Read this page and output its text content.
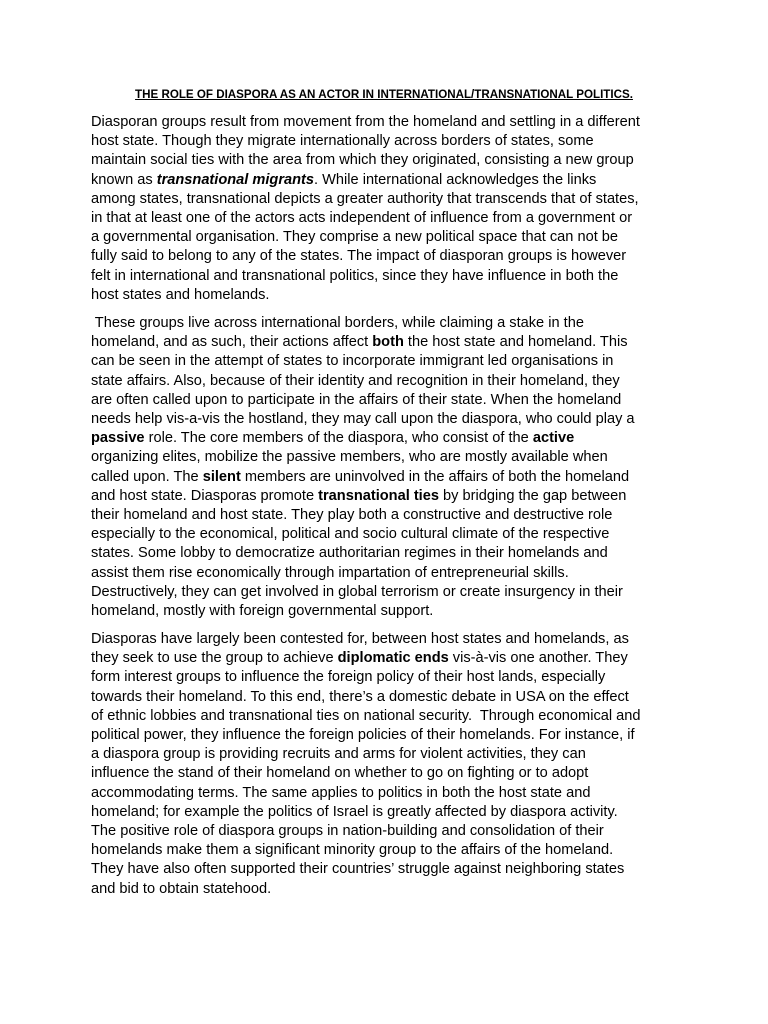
THE ROLE OF DIASPORA AS AN ACTOR IN INTERNATIONAL/TRANSNATIONAL POLITICS.

Diasporan groups result from movement from the homeland and settling in a different
host state. Though they migrate internationally across borders of states, some
maintain social ties with the area from which they originated, consisting a new group
known as transnational migrants. While international acknowledges the links
among states, transnational depicts a greater authority that transcends that of states,
in that at least one of the actors acts independent of influence from a government or
a governmental organisation. They comprise a new political space that can not be
fully said to belong to any of the states. The impact of diasporan groups is however
felt in international and transnational politics, since they have influence in both the
host states and homelands.

These groups live across international borders, while claiming a stake in the
homeland, and as such, their actions affect both the host state and homeland. This
can be seen in the attempt of states to incorporate immigrant led organisations in
state affairs. Also, because of their identity and recognition in their homeland, they
are often called upon to participate in the affairs of their state. When the homeland
needs help vis-a-vis the hostland, they may call upon the diaspora, who could play a
passive role. The core members of the diaspora, who consist of the active
organizing elites, mobilize the passive members, who are mostly available when
called upon. The silent members are uninvolved in the affairs of both the homeland
and host state. Diasporas promote transnational ties by bridging the gap between
their homeland and host state. They play both a constructive and destructive role
especially to the economical, political and socio cultural climate of the respective
states. Some lobby to democratize authoritarian regimes in their homelands and
assist them rise economically through impartation of entrepreneurial skills.
Destructively, they can get involved in global terrorism or create insurgency in their
homeland, mostly with foreign governmental support.

Diasporas have largely been contested for, between host states and homelands, as
they seek to use the group to achieve diplomatic ends vis-à-vis one another. They
form interest groups to influence the foreign policy of their host lands, especially
towards their homeland. To this end, there’s a domestic debate in USA on the effect
of ethnic lobbies and transnational ties on national security.  Through economical and
political power, they influence the foreign policies of their homelands. For instance, if
a diaspora group is providing recruits and arms for violent activities, they can
influence the stand of their homeland on whether to go on fighting or to adopt
accommodating terms. The same applies to politics in both the host state and
homeland; for example the politics of Israel is greatly affected by diaspora activity.
The positive role of diaspora groups in nation-building and consolidation of their
homelands make them a significant minority group to the affairs of the homeland.
They have also often supported their countries’ struggle against neighboring states
and bid to obtain statehood.
